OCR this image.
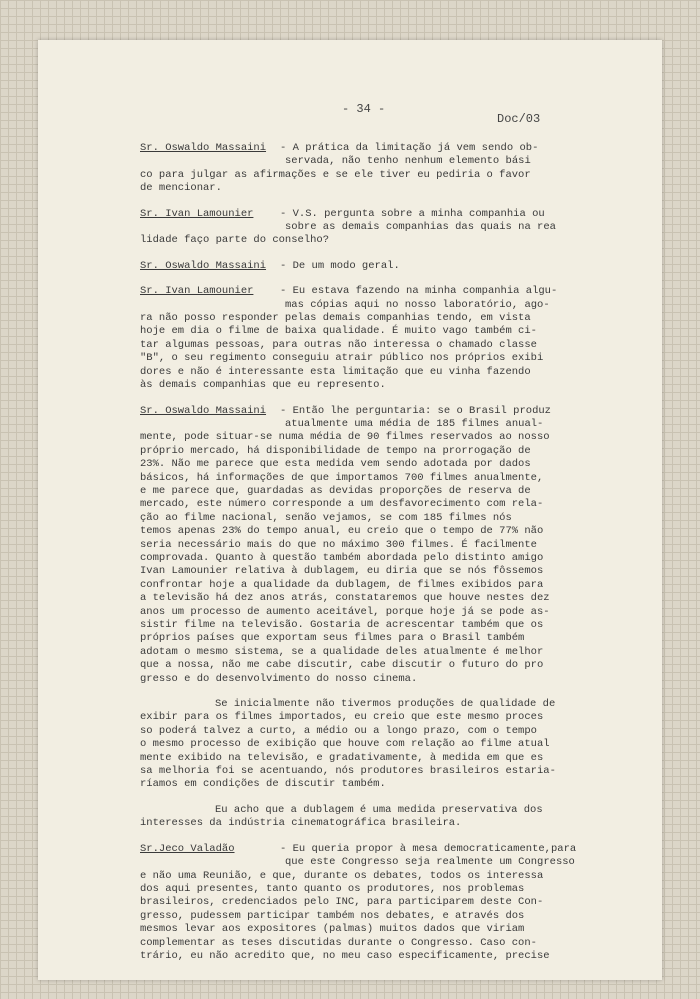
- 34 -
Doc/03
Sr. Oswaldo Massaini - A prática da limitação já vem sendo ob-
servada, não tenho nenhum elemento bási
co para julgar as afirmações e se ele tiver eu pediria o favor
de mencionar.
Sr. Ivan Lamounier	- V.S. pergunta sobre a minha companhia ou
sobre as demais companhias das quais na rea
lidade faço parte do conselho?
Sr. Oswaldo Massaini - De um modo geral.
Sr. Ivan Lamounier	- Eu estava fazendo na minha companhia algu-
mas cópias aqui no nosso laboratório, ago-
ra não posso responder pelas demais companhias tendo, em vista
hoje em dia o filme de baixa qualidade. É muito vago também ci-
tar algumas pessoas, para outras não interessa o chamado classe
"B", o seu regimento conseguiu atrair público nos próprios exibi
dores e não é interessante esta limitação que eu vinha fazendo
às demais companhias que eu represento.
Sr. Oswaldo Massaini - Então lhe perguntaria: se o Brasil produz
atualmente uma média de 185 filmes anual-
mente, pode situar-se numa média de 90 filmes reservados ao nosso
próprio mercado, há disponibilidade de tempo na prorrogação de
23%. Não me parece que esta medida vem sendo adotada por dados
básicos, há informações de que importamos 700 filmes anualmente,
e me parece que, guardadas as devidas proporções de reserva de
mercado, este número corresponde a um desfavorecimento com rela-
ção ao filme nacional, senão vejamos, se com 185 filmes nós
temos apenas 23% do tempo anual, eu creio que o tempo de 77% não
seria necessário mais do que no máximo 300 filmes. É facilmente
comprovada. Quanto à questão também abordada pelo distinto amigo
Ivan Lamounier relativa à dublagem, eu diria que se nós fôssemos
confrontar hoje a qualidade da dublagem, de filmes exibidos para
a televisão há dez anos atrás, constataremos que houve nestes dez
anos um processo de aumento aceitável, porque hoje já se pode as-
sistir filme na televisão. Gostaria de acrescentar também que os
próprios países que exportam seus filmes para o Brasil também
adotam o mesmo sistema, se a qualidade deles atualmente é melhor
que a nossa, não me cabe discutir, cabe discutir o futuro do pro
gresso e do desenvolvimento do nosso cinema.
Se inicialmente não tivermos produções de qualidade de
exibir para os filmes importados, eu creio que este mesmo proces
so poderá talvez a curto, a médio ou a longo prazo, com o tempo
o mesmo processo de exibição que houve com relação ao filme atual
mente exibido na televisão, e gradativamente, à medida em que es
sa melhoria foi se acentuando, nós produtores brasileiros estaria-
ríamos em condições de discutir também.
Eu acho que a dublagem é uma medida preservativa dos
interesses da indústria cinematográfica brasileira.
Sr.Jeco Valadão	- Eu queria propor à mesa democraticamente,para
que este Congresso seja realmente um Congresso
e não uma Reunião, e que, durante os debates, todos os interessa
dos aqui presentes, tanto quanto os produtores, nos problemas
brasileiros, credenciados pelo INC, para participarem deste Con-
gresso, pudessem participar também nos debates, e através dos
mesmos levar aos expositores (palmas) muitos dados que viriam
complementar as teses discutidas durante o Congresso. Caso con-
trário, eu não acredito que, no meu caso especificamente, precise
